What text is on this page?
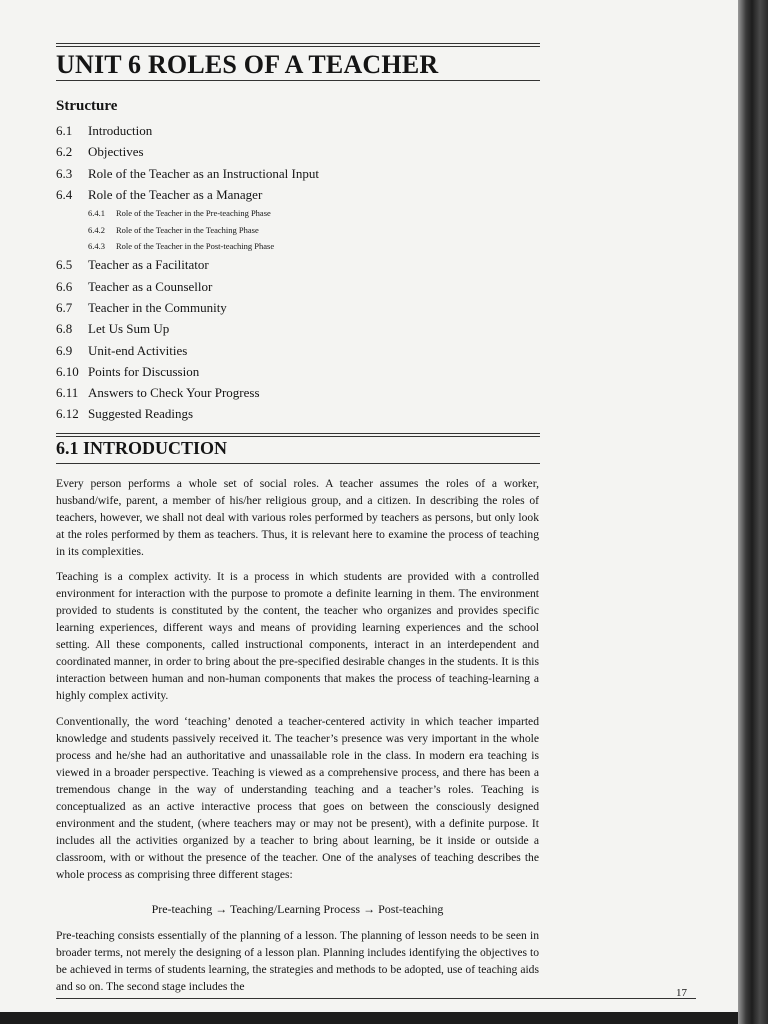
UNIT 6 ROLES OF A TEACHER
Structure
6.1 Introduction
6.2 Objectives
6.3 Role of the Teacher as an Instructional Input
6.4 Role of the Teacher as a Manager
6.4.1 Role of the Teacher in the Pre-teaching Phase
6.4.2 Role of the Teacher in the Teaching Phase
6.4.3 Role of the Teacher in the Post-teaching Phase
6.5 Teacher as a Facilitator
6.6 Teacher as a Counsellor
6.7 Teacher in the Community
6.8 Let Us Sum Up
6.9 Unit-end Activities
6.10 Points for Discussion
6.11 Answers to Check Your Progress
6.12 Suggested Readings
6.1 INTRODUCTION

Every person performs a whole set of social roles. A teacher assumes the roles of a worker, husband/wife, parent, a member of his/her religious group, and a citizen. In describing the roles of teachers, however, we shall not deal with various roles performed by teachers as persons, but only look at the roles performed by them as teachers. Thus, it is relevant here to examine the process of teaching in its complexities.

Teaching is a complex activity. It is a process in which students are provided with a controlled environment for interaction with the purpose to promote a definite learning in them. The environment provided to students is constituted by the content, the teacher who organizes and provides specific learning experiences, different ways and means of providing learning experiences and the school setting. All these components, called instructional components, interact in an interdependent and coordinated manner, in order to bring about the pre-specified desirable changes in the students. It is this interaction between human and non-human components that makes the process of teaching-learning a highly complex activity.

Conventionally, the word ‘teaching’ denoted a teacher-centered activity in which teacher imparted knowledge and students passively received it. The teacher’s presence was very important in the whole process and he/she had an authoritative and unassailable role in the class. In modern era teaching is viewed in a broader perspective. Teaching is viewed as a comprehensive process, and there has been a tremendous change in the way of understanding teaching and a teacher’s roles. Teaching is conceptualized as an active interactive process that goes on between the consciously designed environment and the student, (where teachers may or may not be present), with a definite purpose. It includes all the activities organized by a teacher to bring about learning, be it inside or outside a classroom, with or without the presence of the teacher. One of the analyses of teaching describes the whole process as comprising three different stages:

Pre-teaching → Teaching/Learning Process → Post-teaching

Pre-teaching consists essentially of the planning of a lesson. The planning of lesson needs to be seen in broader terms, not merely the designing of a lesson plan. Planning includes identifying the objectives to be achieved in terms of students learning, the strategies and methods to be adopted, use of teaching aids and so on. The second stage includes the	17
